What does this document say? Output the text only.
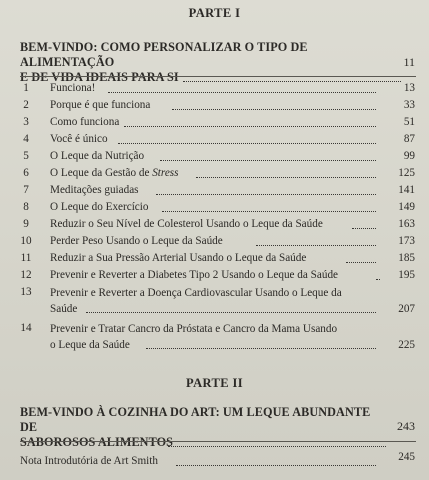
PARTE I
BEM-VINDO: COMO PERSONALIZAR O TIPO DE ALIMENTAÇÃO
E DE VIDA IDEAIS PARA SI
11
1	Funciona!	13
2	Porque é que funciona	33
3	Como funciona	51
4	Você é único	87
5	O Leque da Nutrição	99
6	O Leque da Gestão de Stress	125
7	Meditações guiadas	141
8	O Leque do Exercício	149
9	Reduzir o Seu Nível de Colesterol Usando o Leque da Saúde	163
10 Perder Peso Usando o Leque da Saúde	173
11 Reduzir a Sua Pressão Arterial Usando o Leque da Saúde	185
12 Prevenir e Reverter a Diabetes Tipo 2 Usando o Leque da Saúde	195
13 Prevenir e Reverter a Doença Cardiovascular Usando o Leque da
Saúde	207
14 Prevenir e Tratar Cancro da Próstata e Cancro da Mama Usando
o Leque da Saúde	225
PARTE II
BEM-VINDO À COZINHA DO ART: UM LEQUE ABUNDANTE DE
SABOROSOS ALIMENTOS
243
Nota Introdutória de Art Smith	245
